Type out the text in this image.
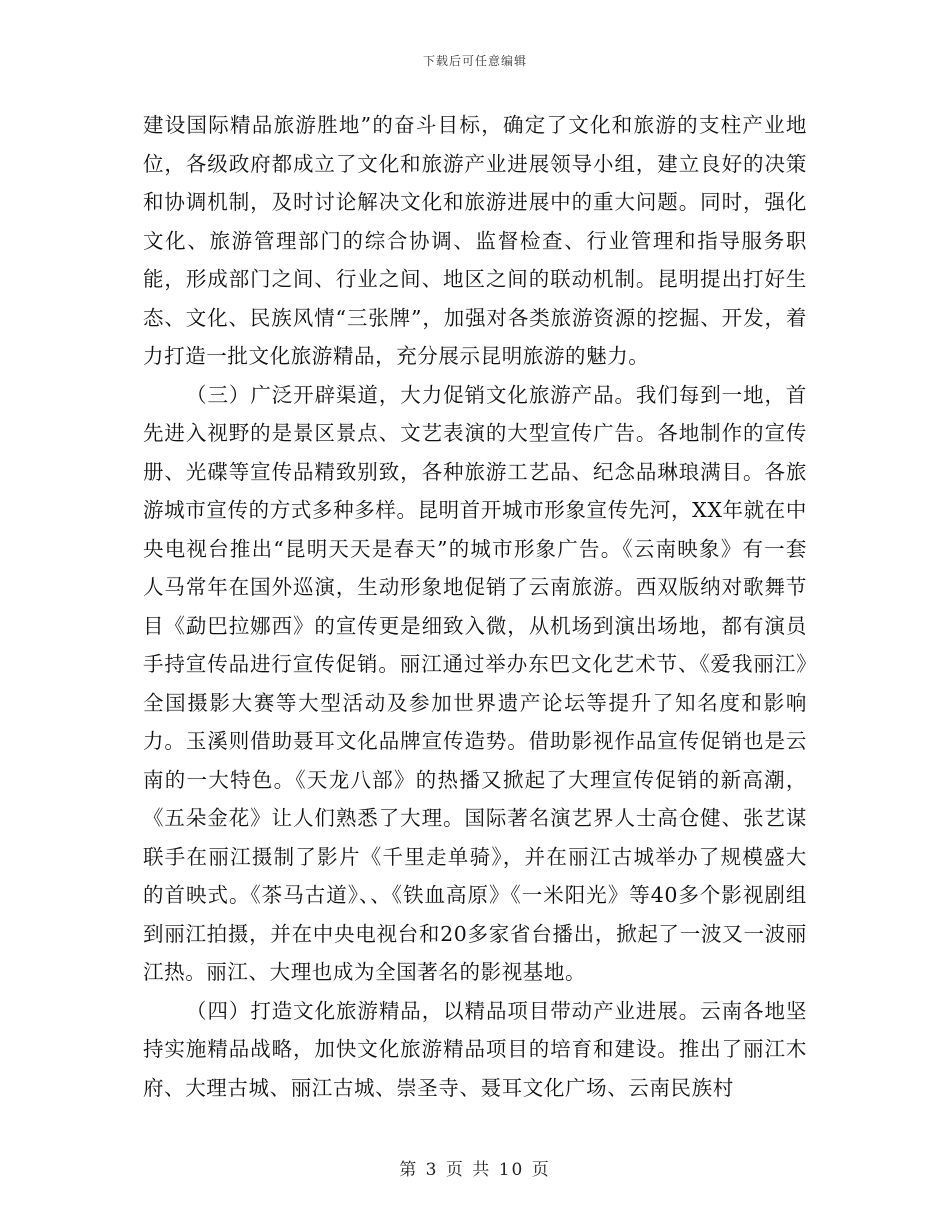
下载后可任意编辑

建设国际精品旅游胜地”的奋斗目标，确定了文化和旅游的支柱产业地位，各级政府都成立了文化和旅游产业进展领导小组，建立良好的决策和协调机制，及时讨论解决文化和旅游进展中的重大问题。同时，强化文化、旅游管理部门的综合协调、监督检查、行业管理和指导服务职能，形成部门之间、行业之间、地区之间的联动机制。昆明提出打好生态、文化、民族风情“三张牌”，加强对各类旅游资源的挖掘、开发，着力打造一批文化旅游精品，充分展示昆明旅游的魅力。

（三）广泛开辟渠道，大力促销文化旅游产品。我们每到一地，首先进入视野的是景区景点、文艺表演的大型宣传广告。各地制作的宣传册、光碟等宣传品精致别致，各种旅游工艺品、纪念品琳琅满目。各旅游城市宣传的方式多种多样。昆明首开城市形象宣传先河，XX年就在中央电视台推出“昆明天天是春天”的城市形象广告。《云南映象》有一套人马常年在国外巡演，生动形象地促销了云南旅游。西双版纳对歌舞节目《勐巴拉娜西》的宣传更是细致入微，从机场到演出场地，都有演员手持宣传品进行宣传促销。丽江通过举办东巴文化艺术节、《爱我丽江》全国摄影大赛等大型活动及参加世界遗产论坛等提升了知名度和影响力。玉溪则借助聂耳文化品牌宣传造势。借助影视作品宣传促销也是云南的一大特色。《天龙八部》的热播又掀起了大理宣传促销的新高潮，《五朵金花》让人们熟悉了大理。国际著名演艺界人士高仓健、张艺谋联手在丽江摄制了影片《千里走单骑》，并在丽江古城举办了规模盛大的首映式。《茶马古道》、、《铁血高原》《一米阳光》等40多个影视剧组到丽江拍摄，并在中央电视台和20多家省台播出，掀起了一波又一波丽江热。丽江、大理也成为全国著名的影视基地。

（四）打造文化旅游精品，以精品项目带动产业进展。云南各地坚持实施精品战略，加快文化旅游精品项目的培育和建设。推出了丽江木府、大理古城、丽江古城、崇圣寺、聂耳文化广场、云南民族村

第 3 页 共 10 页
